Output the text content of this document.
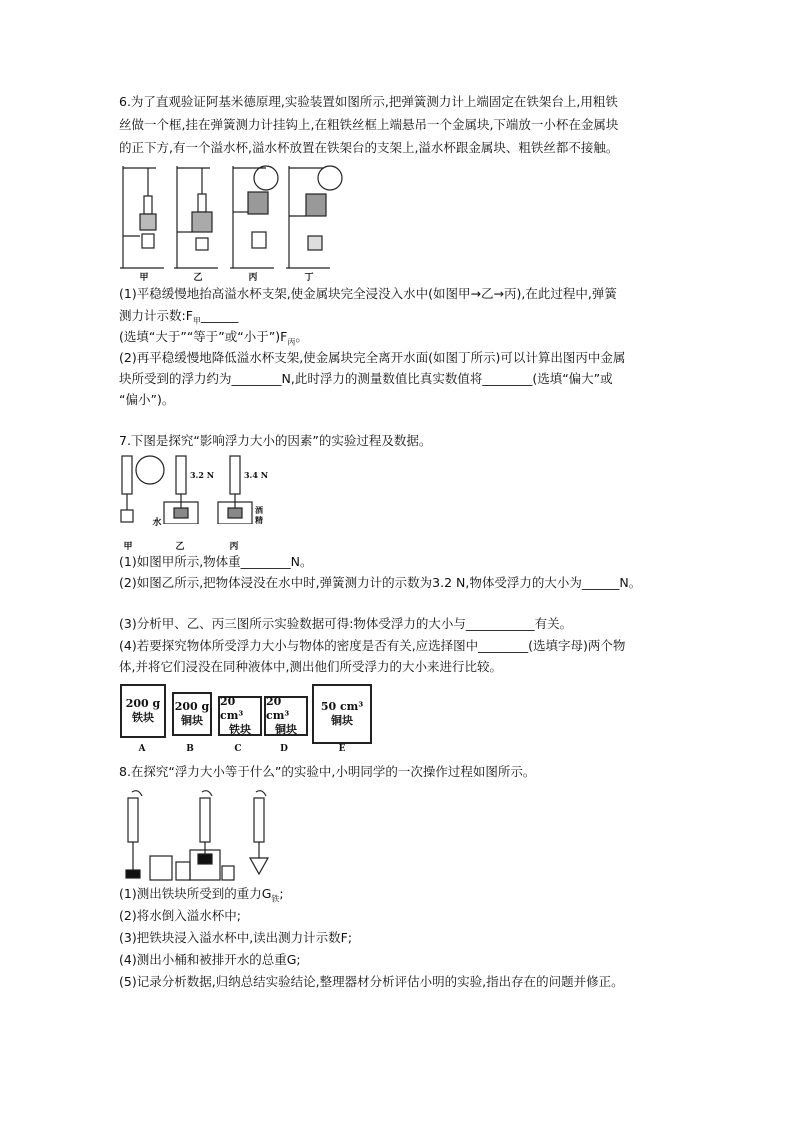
6.为了直观验证阿基米德原理,实验装置如图所示,把弹簧测力计上端固定在铁架台上,用粗铁
丝做一个框,挂在弹簧测力计挂钩上,在粗铁丝框上端悬吊一个金属块,下端放一小杯在金属块
的正下方,有一个溢水杯,溢水杯放置在铁架台的支架上,溢水杯跟金属块、粗铁丝都不接触。
甲	乙	丙	丁
(1)平稳缓慢地抬高溢水杯支架,使金属块完全浸没入水中(如图甲→乙→丙),在此过程中,弹簧
测力计示数$:F_甲\_\_\_\_\_\_$
(选填“大于”“等于”或“小于$”)F_丙$。
(2)再平稳缓慢地降低溢水杯支架,使金属块完全离开水面(如图丁所示)可以计算出图丙中金属
块所受到的浮力约为________N,此时浮力的测量数值比真实数值将________(选填“偏大”或
“偏小”)。
7.下图是探究“影响浮力大小的因素”的实验过程及数据。
3.2 N	3.4 N
水
酒
精
甲	乙	丙
(1)如图甲所示,物体重________N。
(2)如图乙所示,把物体浸没在水中时,弹簧测力计的示数为3.2 N,物体受浮力的大小为______N。
(3)分析甲、乙、丙三图所示实验数据可得:物体受浮力的大小与___________有关。
(4)若要探究物体所受浮力大小与物体的密度是否有关,应选择图中________(选填字母)两个物
体,并将它们浸没在同种液体中,测出他们所受浮力的大小来进行比较。
200 g
铁块
200 g
铜块
20 cm³
铁块
20 cm³
铜块
50 cm³
铜块
A	B	C	D	E
8.在探究“浮力大小等于什么”的实验中,小明同学的一次操作过程如图所示。
(1)测出铁块所受到的重力$G_铁$;
(2)将水倒入溢水杯中;
(3)把铁块浸入溢水杯中,读出测力计示数F;
(4)测出小桶和被排开水的总重G;
(5)记录分析数据,归纳总结实验结论,整理器材分析评估小明的实验,指出存在的问题并修正。
